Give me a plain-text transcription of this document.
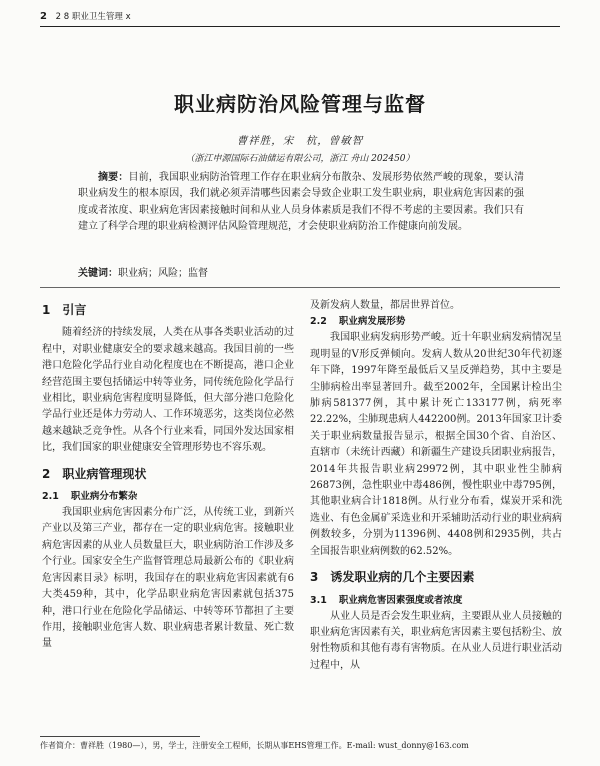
2 2 8 职业卫生管理 x
职业病防治风险管理与监督
曹祥胜，宋　杭，曾敏智
（浙江申源国际石油储运有限公司，浙江 舟山 202450）
摘要：目前，我国职业病防治管理工作存在职业病分布散杂、发展形势依然严峻的现象，要认清职业病发生的根本原因，我们就必须弄清哪些因素会导致企业职工发生职业病，职业病危害因素的强度或者浓度、职业病危害因素接触时间和从业人员身体素质是我们不得不考虑的主要因素。我们只有建立了科学合理的职业病检测评估风险管理规范，才会使职业病防治工作健康向前发展。
关键词：职业病；风险；监督
1 引言

随着经济的持续发展，人类在从事各类职业活动的过程中，对职业健康安全的要求越来越高。我国目前的一些港口危险化学品行业自动化程度也在不断提高，港口企业经营范围主要包括储运中转等业务，同传统危险化学品行业相比，职业病危害程度明显降低，但大部分港口危险化学品行业还是体力劳动人、工作环境恶劣，这类岗位必然越来越缺乏竞争性。从各个行业来看，同国外发达国家相比，我们国家的职业健康安全管理形势也不容乐观。

2 职业病管理现状
2.1 职业病分布繁杂

我国职业病危害因素分布广泛，从传统工业，到新兴产业以及第三产业，都存在一定的职业病危害。接触职业病危害因素的从业人员数量巨大，职业病防治工作涉及多个行业。国家安全生产监督管理总局最新公布的《职业病危害因素目录》标明，我国存在的职业病危害因素就有6大类459种，其中，化学品职业病危害因素就包括375种，港口行业在危险化学品储运、中转等环节都担了主要作用，接触职业危害人数、职业病患者累计数量、死亡数量

及新发病人数量，都居世界首位。

2.2 职业病发展形势

我国职业病发病形势严峻。近十年职业病发病情况呈现明显的V形反弹倾向。发病人数从20世纪30年代初逐年下降，1997年降至最低后又呈反弹趋势，其中主要是尘肺病检出率显著回升。截至2002年，全国累计检出尘肺病581377例，其中累计死亡133177例，病死率22.22%，尘肺现患病人442200例。2013年国家卫计委关于职业病数量报告显示，根据全国30个省、自治区、直辖市（未统计西藏）和新疆生产建设兵团职业病报告，2014年共报告职业病29972例，其中职业性尘肺病26873例，急性职业中毒486例，慢性职业中毒795例，其他职业病合计1818例。从行业分布看，煤炭开采和洗选业、有色金属矿采选业和开采辅助活动行业的职业病病例数较多，分别为11396例、4408例和2935例，共占全国报告职业病例数的62.52%。

3 诱发职业病的几个主要因素
3.1 职业病危害因素强度或者浓度

从业人员是否会发生职业病，主要跟从业人员接触的职业病危害因素有关，职业病危害因素主要包括粉尘、放射性物质和其他有毒有害物质。在从业人员进行职业活动过程中，从

作者简介：曹祥胜（1980—），男，学士，注册安全工程师，长期从事EHS管理工作。E-mail: wust_donny@163.com
